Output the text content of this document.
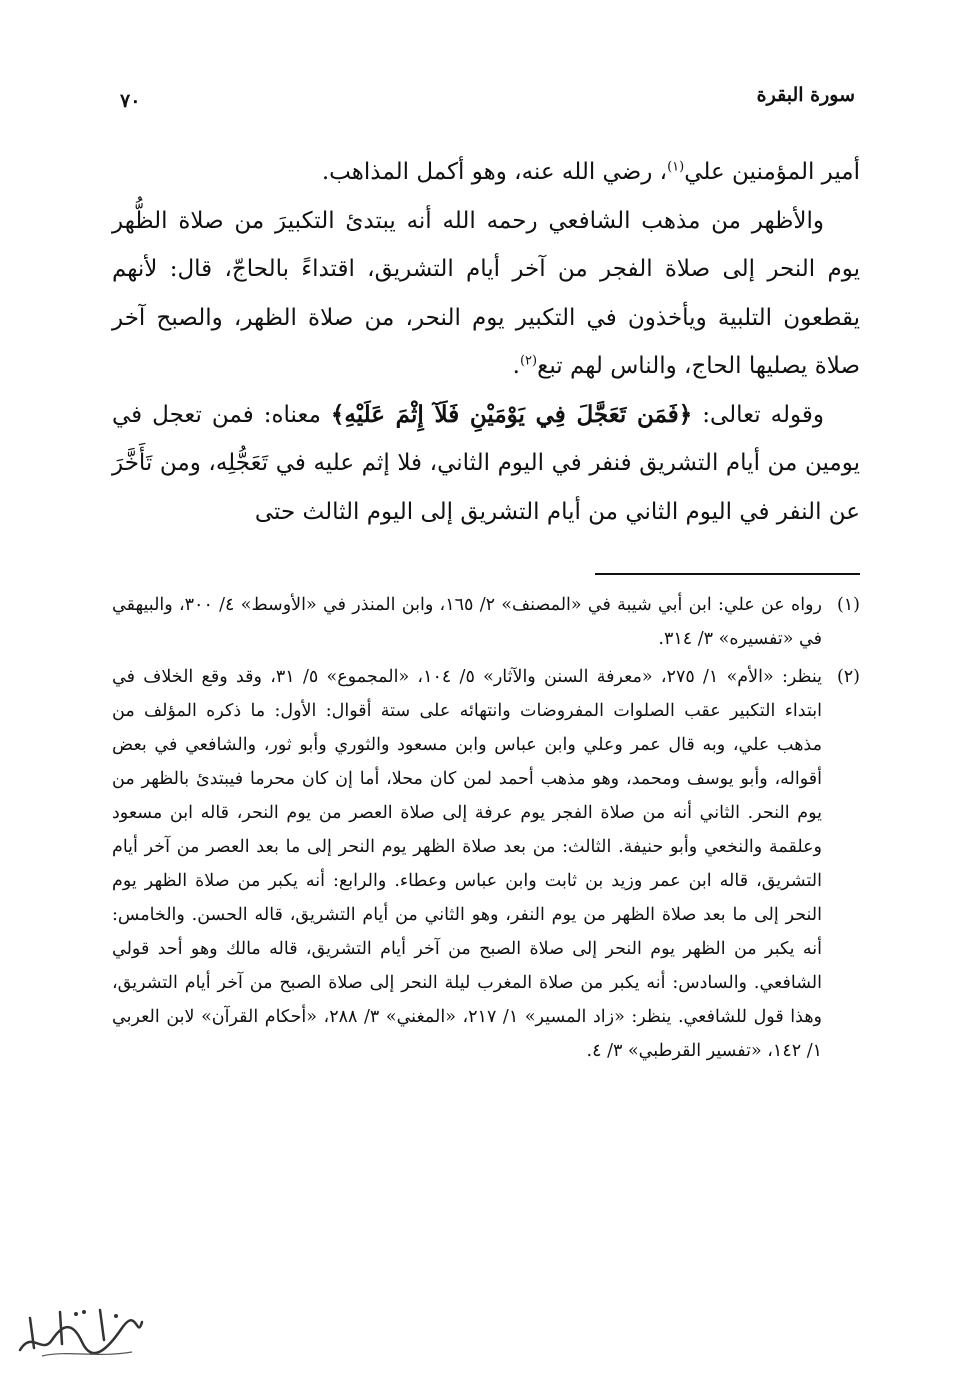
سورة البقرة
٧٠

أمير المؤمنين علي$^{(١)}$، رضي الله عنه، وهو أكمل المذاهب.

والأظهر من مذهب الشافعي رحمه الله أنه يبتدئ التكبيرَ من صلاة الظُّهر يوم النحر إلى صلاة الفجر من آخر أيام التشريق، اقتداءً بالحاجّ، قال: لأنهم يقطعون التلبية ويأخذون في التكبير يوم النحر، من صلاة الظهر، والصبح آخر صلاة يصليها الحاج، والناس لهم تبع$^{(٢)}$.

وقوله تعالى: ﴿فَمَن تَعَجَّلَ فِي يَوْمَيْنِ فَلَآ إِثْمَ عَلَيْهِ﴾ معناه: فمن تعجل في يومين من أيام التشريق فنفر في اليوم الثاني، فلا إثم عليه في تَعَجُّلِه، ومن تَأَخَّرَ عن النفر في اليوم الثاني من أيام التشريق إلى اليوم الثالث حتى

(١)
رواه عن علي: ابن أبي شيبة في «المصنف» ٢/ ١٦٥، وابن المنذر في «الأوسط» ٤/ ٣٠٠، والبيهقي في «تفسيره» ٣/ ٣١٤.
(٢)
ينظر: «الأم» ١/ ٢٧٥، «معرفة السنن والآثار» ٥/ ١٠٤، «المجموع» ٥/ ٣١، وقد وقع الخلاف في ابتداء التكبير عقب الصلوات المفروضات وانتهائه على ستة أقوال: الأول: ما ذكره المؤلف من مذهب علي، وبه قال عمر وعلي وابن عباس وابن مسعود والثوري وأبو ثور، والشافعي في بعض أقواله، وأبو يوسف ومحمد، وهو مذهب أحمد لمن كان محلا، أما إن كان محرما فيبتدئ بالظهر من يوم النحر. الثاني أنه من صلاة الفجر يوم عرفة إلى صلاة العصر من يوم النحر، قاله ابن مسعود وعلقمة والنخعي وأبو حنيفة. الثالث: من بعد صلاة الظهر يوم النحر إلى ما بعد العصر من آخر أيام التشريق، قاله ابن عمر وزيد بن ثابت وابن عباس وعطاء. والرابع: أنه يكبر من صلاة الظهر يوم النحر إلى ما بعد صلاة الظهر من يوم النفر، وهو الثاني من أيام التشريق، قاله الحسن. والخامس: أنه يكبر من الظهر يوم النحر إلى صلاة الصبح من آخر أيام التشريق، قاله مالك وهو أحد قولي الشافعي. والسادس: أنه يكبر من صلاة المغرب ليلة النحر إلى صلاة الصبح من آخر أيام التشريق، وهذا قول للشافعي. ينظر: «زاد المسير» ١/ ٢١٧، «المغني» ٣/ ٢٨٨، «أحكام القرآن» لابن العربي ١/ ١٤٢، «تفسير القرطبي» ٣/ ٤.
